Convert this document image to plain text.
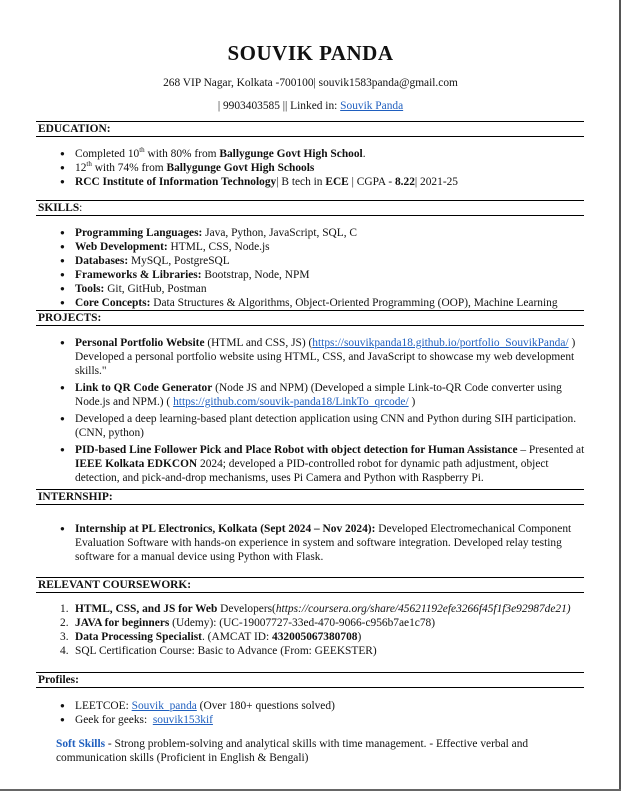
SOUVIK PANDA
268 VIP Nagar, Kolkata -700100| souvik1583panda@gmail.com
| 9903403585 || Linked in: Souvik Panda
EDUCATION:
● Completed 10th with 80% from Ballygunge Govt High School.
● 12th with 74% from Ballygunge Govt High Schools
● RCC Institute of Information Technology| B tech in ECE | CGPA - 8.22| 2021-25
SKILLS:
● Programming Languages: Java, Python, JavaScript, SQL, C
● Web Development: HTML, CSS, Node.js
● Databases: MySQL, PostgreSQL
● Frameworks & Libraries: Bootstrap, Node, NPM
● Tools: Git, GitHub, Postman
● Core Concepts: Data Structures & Algorithms, Object-Oriented Programming (OOP), Machine Learning
PROJECTS:
● Personal Portfolio Website (HTML and CSS, JS) (https://souvikpanda18.github.io/portfolio_SouvikPanda/ )
Developed a personal portfolio website using HTML, CSS, and JavaScript to showcase my web development skills."
● Link to QR Code Generator (Node JS and NPM) (Developed a simple Link-to-QR Code converter using Node.js and NPM.) ( https://github.com/souvik-panda18/LinkTo_qrcode/ )
● Developed a deep learning-based plant detection application using CNN and Python during SIH participation. (CNN, python)
● PID-based Line Follower Pick and Place Robot with object detection for Human Assistance – Presented at IEEE Kolkata EDKCON 2024; developed a PID-controlled robot for dynamic path adjustment, object detection, and pick-and-drop mechanisms, uses Pi Camera and Python with Raspberry Pi.
INTERNSHIP:
● Internship at PL Electronics, Kolkata (Sept 2024 – Nov 2024): Developed Electromechanical Component Evaluation Software with hands-on experience in system and software integration. Developed relay testing software for a manual device using Python with Flask.
RELEVANT COURSEWORK:
1. HTML, CSS, and JS for Web Developers(https://coursera.org/share/45621192efe3266f45f1f3e92987de21)
2. JAVA for beginners (Udemy): (UC-19007727-33ed-470-9066-c956b7ae1c78)
3. Data Processing Specialist. (AMCAT ID: 432005067380708)
4. SQL Certification Course: Basic to Advance (From: GEEKSTER)
Profiles:
● LEETCOE: Souvik_panda (Over 180+ questions solved)
● Geek for geeks:  souvik153kif
Soft Skills - Strong problem-solving and analytical skills with time management. - Effective verbal and communication skills (Proficient in English & Bengali)
